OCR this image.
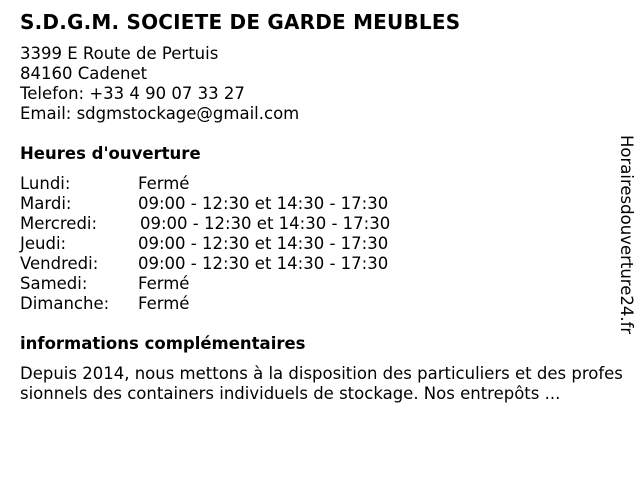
S.D.G.M. SOCIETE DE GARDE MEUBLES
3399 E Route de Pertuis
84160 Cadenet
Telefon: +33 4 90 07 33 27
Email: sdgmstockage@gmail.com
Heures d'ouverture
Lundi:	Fermé
Mardi:	09:00 - 12:30 et 14:30 - 17:30
Mercredi:	09:00 - 12:30 et 14:30 - 17:30
Jeudi:	09:00 - 12:30 et 14:30 - 17:30
Vendredi: 09:00 - 12:30 et 14:30 - 17:30
Samedi:	Fermé
Dimanche: Fermé
informations complémentaires
Depuis 2014, nous mettons à la disposition des particuliers et des professionnels des containers individuels de stockage. Nos entrepôts ...
Horairesdouverture24.fr
